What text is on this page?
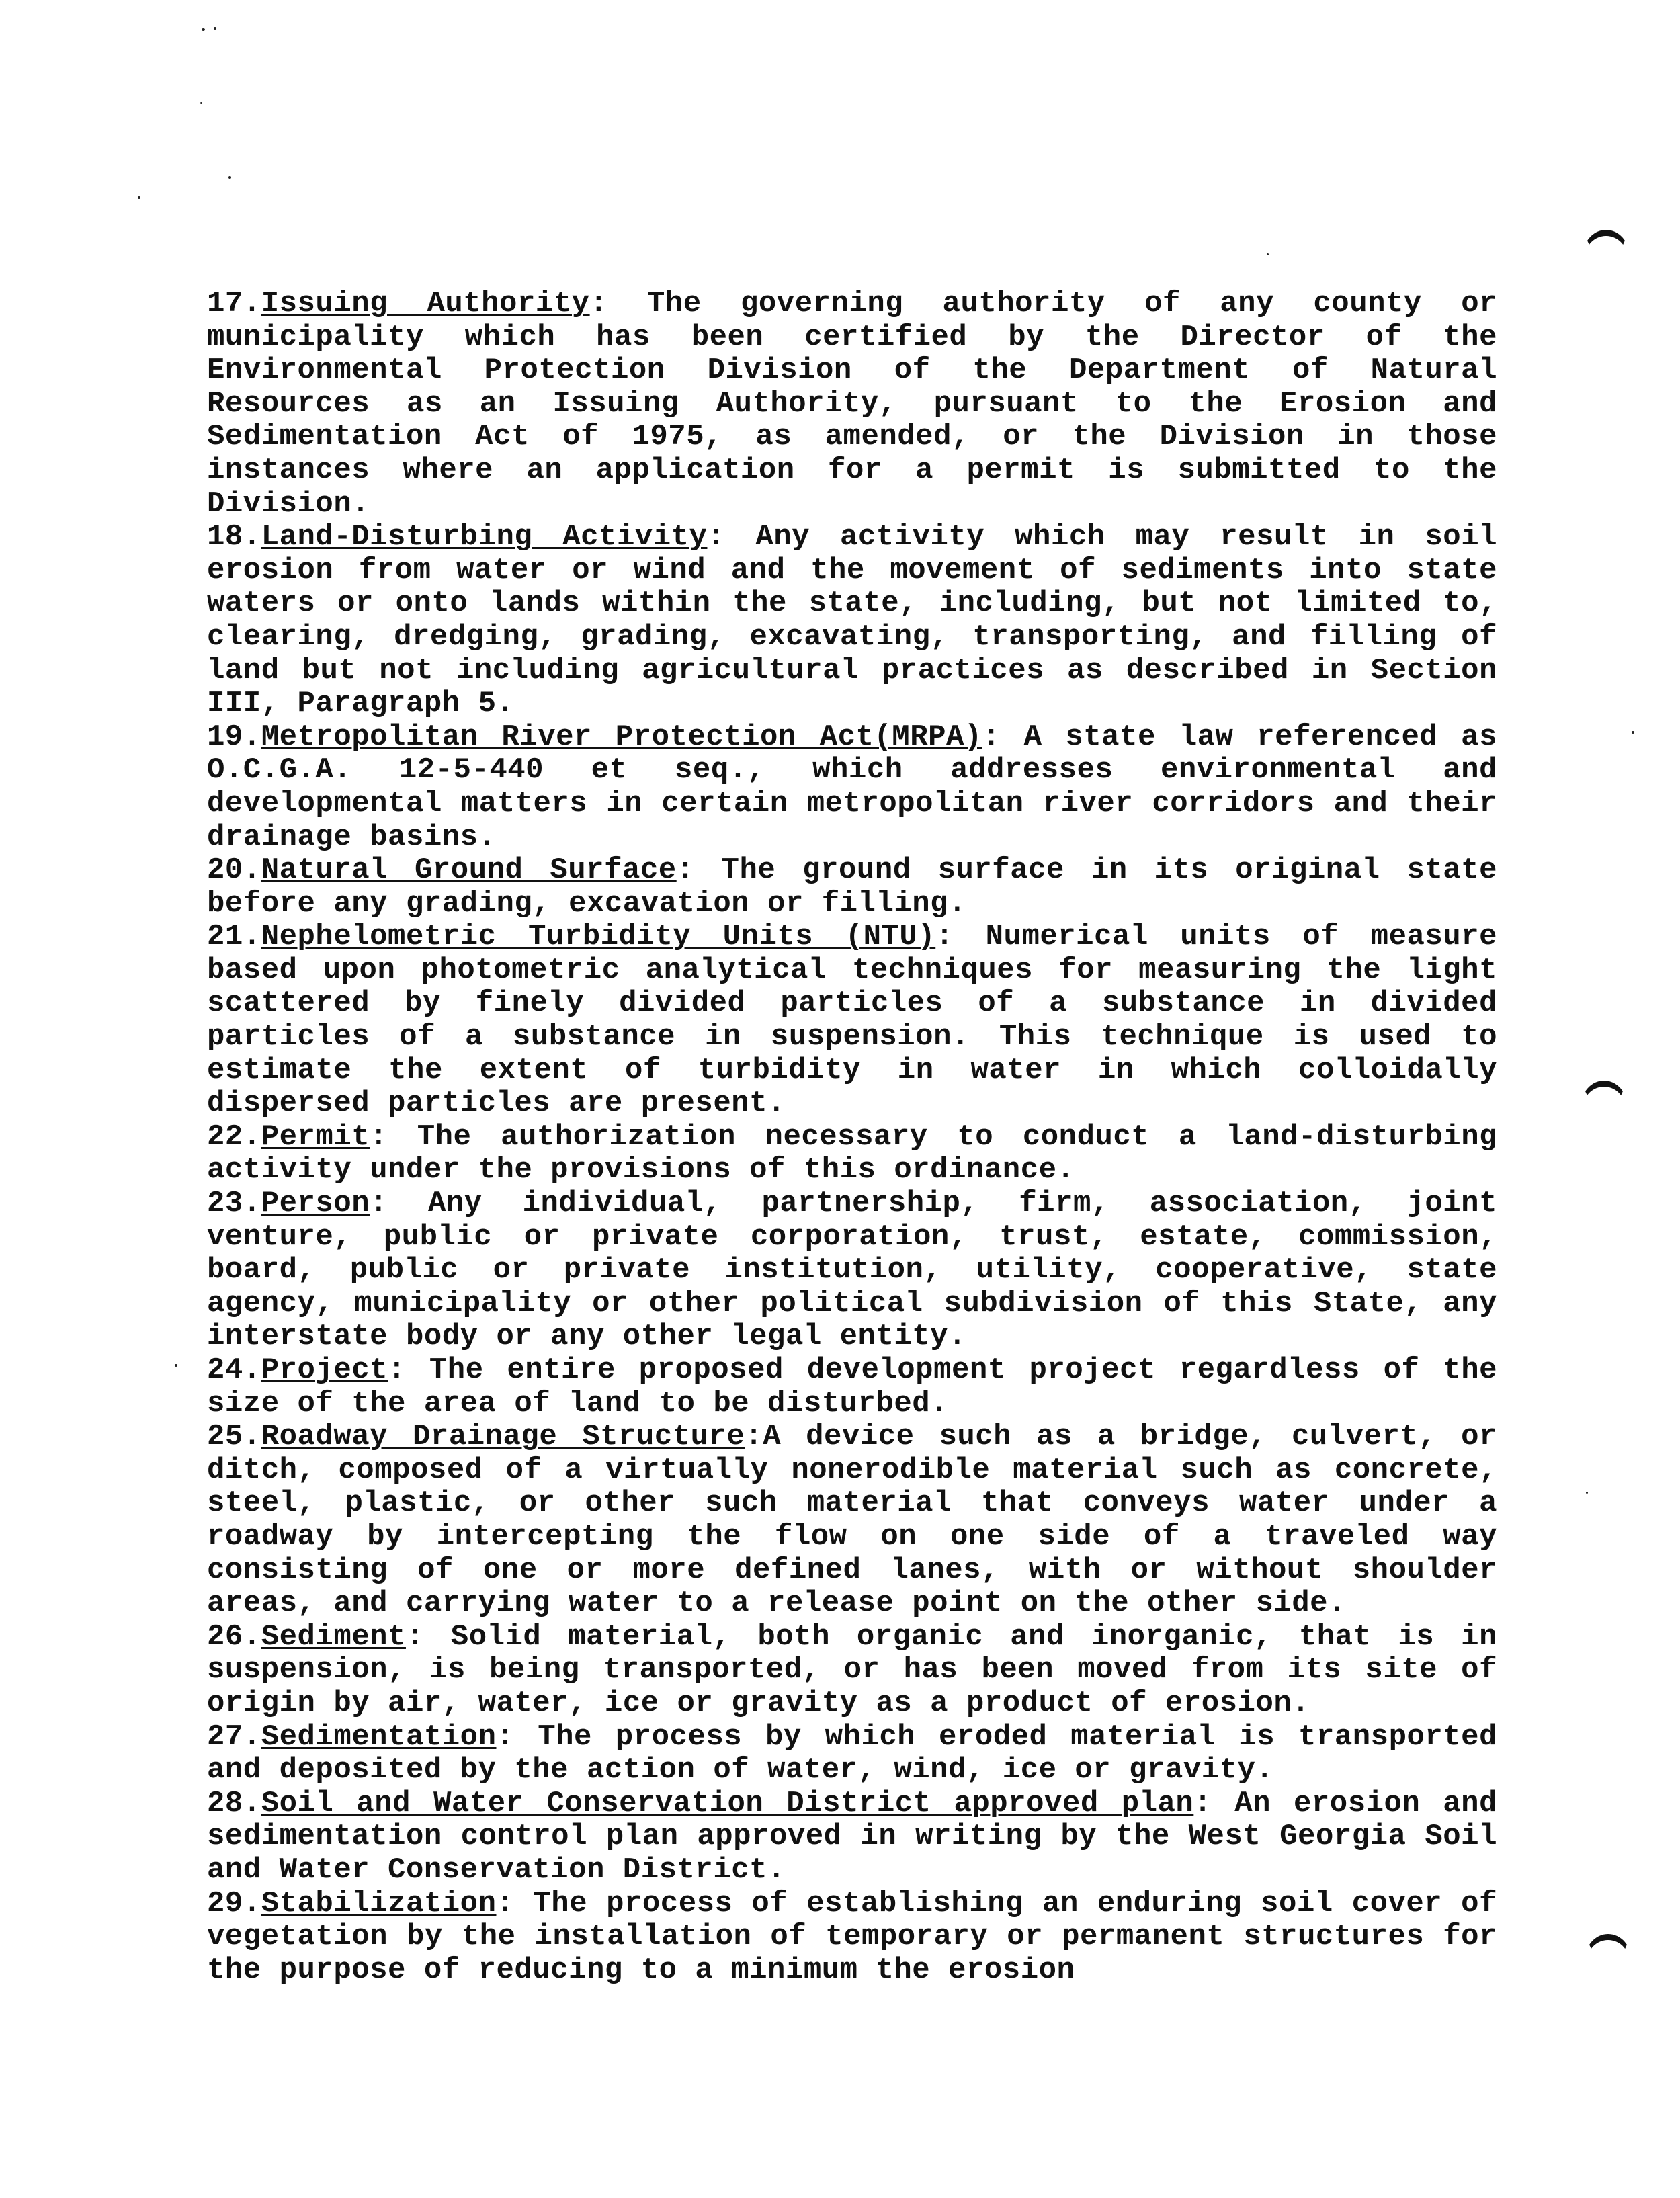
17.Issuing Authority: The governing authority of any county or municipality which has been certified by the Director of the Environmental Protection Division of the Department of Natural Resources as an Issuing Authority, pursuant to the Erosion and Sedimentation Act of 1975, as amended, or the Division in those instances where an application for a permit is submitted to the Division.

18.Land-Disturbing Activity: Any activity which may result in soil erosion from water or wind and the movement of sediments into state waters or onto lands within the state, including, but not limited to, clearing, dredging, grading, excavating, transporting, and filling of land but not including agricultural practices as described in Section III, Paragraph 5.

19.Metropolitan River Protection Act(MRPA): A state law referenced as O.C.G.A. 12-5-440 et seq., which addresses environmental and developmental matters in certain metropolitan river corridors and their drainage basins.

20.Natural Ground Surface: The ground surface in its original state before any grading, excavation or filling.

21.Nephelometric Turbidity Units (NTU): Numerical units of measure based upon photometric analytical techniques for measuring the light scattered by finely divided particles of a substance in divided particles of a substance in suspension. This technique is used to estimate the extent of turbidity in water in which colloidally dispersed particles are present.

22.Permit: The authorization necessary to conduct a land-disturbing activity under the provisions of this ordinance.

23.Person: Any individual, partnership, firm, association, joint venture, public or private corporation, trust, estate, commission, board, public or private institution, utility, cooperative, state agency, municipality or other political subdivision of this State, any interstate body or any other legal entity.

24.Project: The entire proposed development project regardless of the size of the area of land to be disturbed.

25.Roadway Drainage Structure:A device such as a bridge, culvert, or ditch, composed of a virtually nonerodible material such as concrete, steel, plastic, or other such material that conveys water under a roadway by intercepting the flow on one side of a traveled way consisting of one or more defined lanes, with or without shoulder areas, and carrying water to a release point on the other side.

26.Sediment: Solid material, both organic and inorganic, that is in suspension, is being transported, or has been moved from its site of origin by air, water, ice or gravity as a product of erosion.

27.Sedimentation: The process by which eroded material is transported and deposited by the action of water, wind, ice or gravity.

28.Soil and Water Conservation District approved plan: An erosion and sedimentation control plan approved in writing by the West Georgia Soil and Water Conservation District.

29.Stabilization: The process of establishing an enduring soil cover of vegetation by the installation of temporary or permanent structures for the purpose of reducing to a minimum the erosion
